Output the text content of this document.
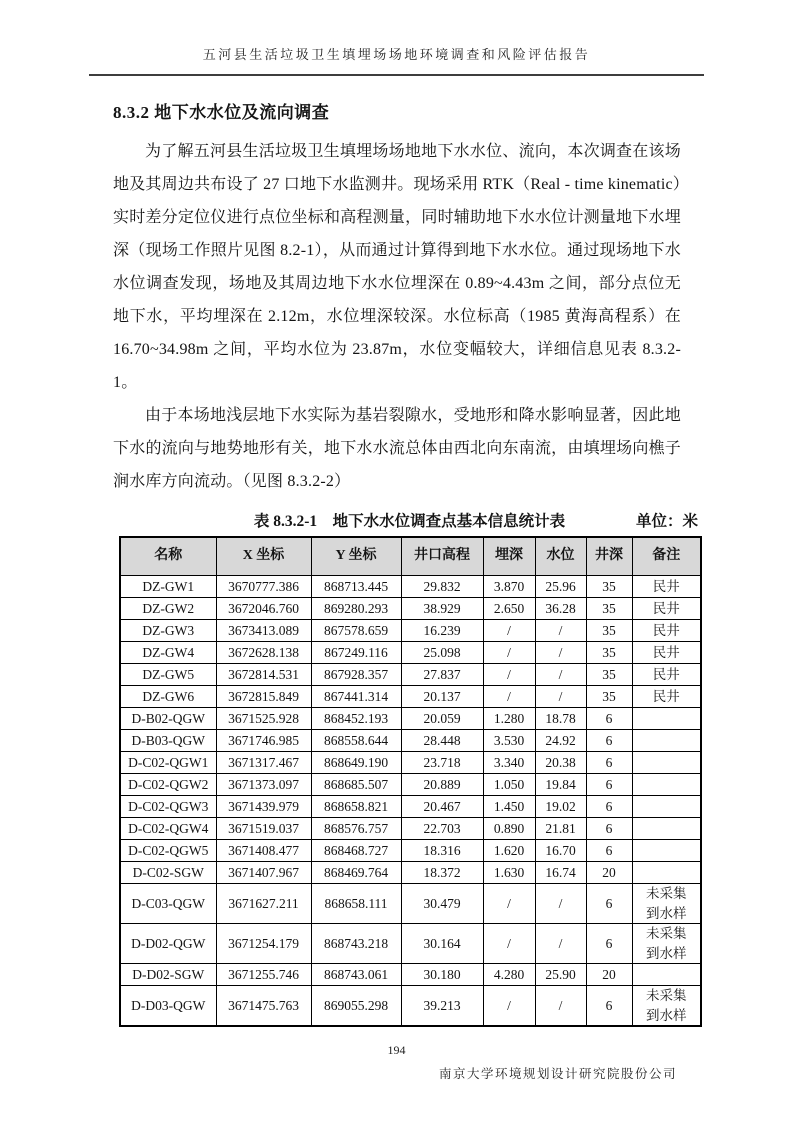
五河县生活垃圾卫生填埋场场地环境调查和风险评估报告
8.3.2 地下水水位及流向调查

为了解五河县生活垃圾卫生填埋场场地地下水水位、流向，本次调查在该场地及其周边共布设了 27 口地下水监测井。现场采用 RTK（Real - time kinematic）实时差分定位仪进行点位坐标和高程测量，同时辅助地下水水位计测量地下水埋深（现场工作照片见图 8.2-1），从而通过计算得到地下水水位。通过现场地下水水位调查发现，场地及其周边地下水水位埋深在 0.89~4.43m 之间，部分点位无地下水，平均埋深在 2.12m，水位埋深较深。水位标高（1985 黄海高程系）在 16.70~34.98m 之间，平均水位为 23.87m，水位变幅较大，详细信息见表 8.3.2-1。

由于本场地浅层地下水实际为基岩裂隙水，受地形和降水影响显著，因此地下水的流向与地势地形有关，地下水水流总体由西北向东南流，由填埋场向樵子涧水库方向流动。（见图 8.3.2-2）

表 8.3.2-1　地下水水位调查点基本信息统计表	单位：米
名称	X 坐标	Y 坐标	井口高程	埋深	水位	井深	备注
DZ-GW1	3670777.386	868713.445	29.832	3.870	25.96	35	民井
DZ-GW2	3672046.760	869280.293	38.929	2.650	36.28	35	民井
DZ-GW3	3673413.089	867578.659	16.239	/	/	35	民井
DZ-GW4	3672628.138	867249.116	25.098	/	/	35	民井
DZ-GW5	3672814.531	867928.357	27.837	/	/	35	民井
DZ-GW6	3672815.849	867441.314	20.137	/	/	35	民井
D-B02-QGW	3671525.928	868452.193	20.059	1.280	18.78	6	
D-B03-QGW	3671746.985	868558.644	28.448	3.530	24.92	6	
D-C02-QGW1	3671317.467	868649.190	23.718	3.340	20.38	6	
D-C02-QGW2	3671373.097	868685.507	20.889	1.050	19.84	6	
D-C02-QGW3	3671439.979	868658.821	20.467	1.450	19.02	6	
D-C02-QGW4	3671519.037	868576.757	22.703	0.890	21.81	6	
D-C02-QGW5	3671408.477	868468.727	18.316	1.620	16.70	6	
D-C02-SGW	3671407.967	868469.764	18.372	1.630	16.74	20	
D-C03-QGW	3671627.211	868658.111	30.479	/	/	6	未采集到水样
D-D02-QGW	3671254.179	868743.218	30.164	/	/	6	未采集到水样
D-D02-SGW	3671255.746	868743.061	30.180	4.280	25.90	20	
D-D03-QGW	3671475.763	869055.298	39.213	/	/	6	未采集到水样
194
南京大学环境规划设计研究院股份公司
